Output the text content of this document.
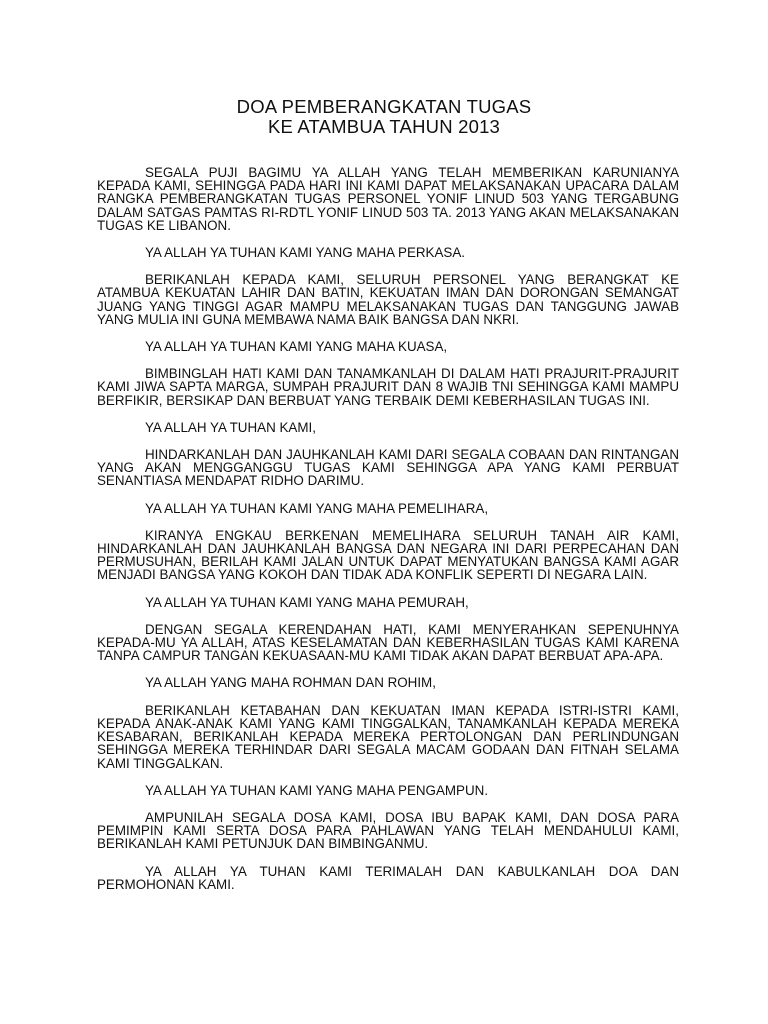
DOA PEMBERANGKATAN TUGAS
KE ATAMBUA TAHUN 2013

SEGALA PUJI BAGIMU YA ALLAH YANG TELAH MEMBERIKAN KARUNIANYA KEPADA KAMI, SEHINGGA PADA HARI INI KAMI DAPAT MELAKSANAKAN UPACARA DALAM RANGKA PEMBERANGKATAN TUGAS PERSONEL YONIF LINUD 503 YANG TERGABUNG DALAM SATGAS PAMTAS RI-RDTL YONIF LINUD 503 TA. 2013 YANG AKAN MELAKSANAKAN TUGAS KE LIBANON.

YA ALLAH YA TUHAN KAMI YANG MAHA PERKASA.

BERIKANLAH KEPADA KAMI, SELURUH PERSONEL YANG BERANGKAT KE ATAMBUA KEKUATAN LAHIR DAN BATIN, KEKUATAN IMAN DAN DORONGAN SEMANGAT JUANG YANG TINGGI AGAR MAMPU MELAKSANAKAN TUGAS DAN TANGGUNG JAWAB YANG MULIA INI GUNA MEMBAWA NAMA BAIK BANGSA DAN NKRI.

YA ALLAH YA TUHAN KAMI YANG MAHA KUASA,

BIMBINGLAH HATI KAMI DAN TANAMKANLAH DI DALAM HATI PRAJURIT-PRAJURIT KAMI JIWA SAPTA MARGA, SUMPAH PRAJURIT DAN 8 WAJIB TNI SEHINGGA KAMI MAMPU BERFIKIR, BERSIKAP DAN BERBUAT YANG TERBAIK DEMI KEBERHASILAN TUGAS INI.

YA ALLAH YA TUHAN KAMI,

HINDARKANLAH DAN JAUHKANLAH KAMI DARI SEGALA COBAAN DAN RINTANGAN YANG AKAN MENGGANGGU TUGAS KAMI SEHINGGA APA YANG KAMI PERBUAT SENANTIASA MENDAPAT RIDHO DARIMU.

YA ALLAH YA TUHAN KAMI YANG MAHA PEMELIHARA,

KIRANYA ENGKAU BERKENAN MEMELIHARA SELURUH TANAH AIR KAMI, HINDARKANLAH DAN JAUHKANLAH BANGSA DAN NEGARA INI DARI PERPECAHAN DAN PERMUSUHAN, BERILAH KAMI JALAN UNTUK DAPAT MENYATUKAN BANGSA KAMI AGAR MENJADI BANGSA YANG KOKOH DAN TIDAK ADA KONFLIK SEPERTI DI NEGARA LAIN.

YA ALLAH YA TUHAN KAMI YANG MAHA PEMURAH,

DENGAN SEGALA KERENDAHAN HATI, KAMI MENYERAHKAN SEPENUHNYA KEPADA-MU YA ALLAH, ATAS KESELAMATAN DAN KEBERHASILAN TUGAS KAMI KARENA TANPA CAMPUR TANGAN KEKUASAAN-MU KAMI TIDAK AKAN DAPAT BERBUAT APA-APA.

YA ALLAH YANG MAHA ROHMAN DAN ROHIM,

BERIKANLAH KETABAHAN DAN KEKUATAN IMAN KEPADA ISTRI-ISTRI KAMI, KEPADA ANAK-ANAK KAMI YANG KAMI TINGGALKAN, TANAMKANLAH KEPADA MEREKA KESABARAN, BERIKANLAH KEPADA MEREKA PERTOLONGAN DAN PERLINDUNGAN SEHINGGA MEREKA TERHINDAR DARI SEGALA MACAM GODAAN DAN FITNAH SELAMA KAMI TINGGALKAN.

YA ALLAH YA TUHAN KAMI YANG MAHA PENGAMPUN.

AMPUNILAH SEGALA DOSA KAMI, DOSA IBU BAPAK KAMI, DAN DOSA PARA PEMIMPIN KAMI SERTA DOSA PARA PAHLAWAN YANG TELAH MENDAHULUI KAMI, BERIKANLAH KAMI PETUNJUK DAN BIMBINGANMU.

YA ALLAH YA TUHAN KAMI TERIMALAH DAN KABULKANLAH DOA DAN PERMOHONAN KAMI.
